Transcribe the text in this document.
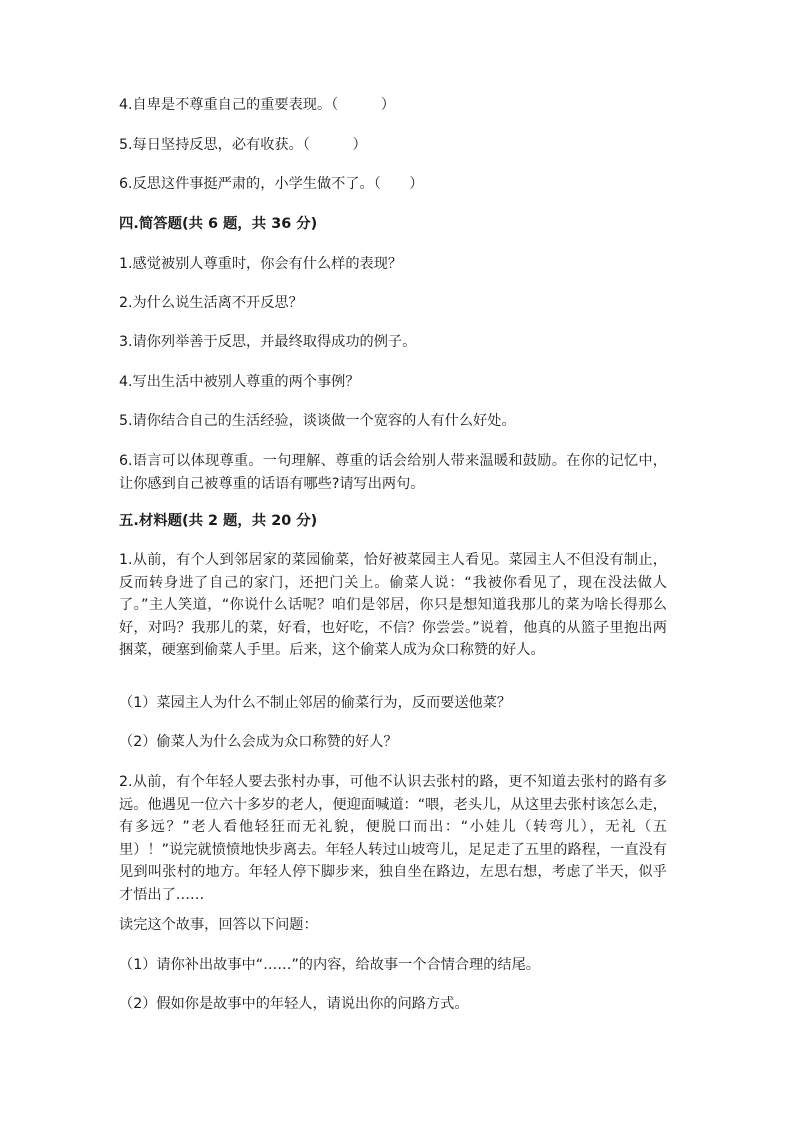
4.自卑是不尊重自己的重要表现。（　　　）
5.每日坚持反思，必有收获。（　　　）
6.反思这件事挺严肃的，小学生做不了。（　　）
四.简答题(共 6 题，共 36 分)
1.感觉被别人尊重时，你会有什么样的表现？
2.为什么说生活离不开反思？
3.请你列举善于反思，并最终取得成功的例子。
4.写出生活中被别人尊重的两个事例？
5.请你结合自己的生活经验，谈谈做一个宽容的人有什么好处。
6.语言可以体现尊重。一句理解、尊重的话会给别人带来温暖和鼓励。在你的记忆中，让你感到自己被尊重的话语有哪些?请写出两句。
五.材料题(共 2 题，共 20 分)
1.从前，有个人到邻居家的菜园偷菜，恰好被菜园主人看见。菜园主人不但没有制止，反而转身进了自己的家门，还把门关上。偷菜人说：“我被你看见了，现在没法做人了。”主人笑道，“你说什么话呢？咱们是邻居，你只是想知道我那儿的菜为啥长得那么好，对吗？我那儿的菜，好看，也好吃，不信？你尝尝。”说着，他真的从篮子里抱出两捆菜，硬塞到偷菜人手里。后来，这个偷菜人成为众口称赞的好人。
（1）菜园主人为什么不制止邻居的偷菜行为，反而要送他菜？
（2）偷菜人为什么会成为众口称赞的好人？
2.从前，有个年轻人要去张村办事，可他不认识去张村的路，更不知道去张村的路有多远。他遇见一位六十多岁的老人，便迎面喊道：“喂，老头儿，从这里去张村该怎么走，有多远？”老人看他轻狂而无礼貌，便脱口而出：“小娃儿（转弯儿），无礼（五里）！”说完就愤愤地快步离去。年轻人转过山坡弯儿，足足走了五里的路程，一直没有见到叫张村的地方。年轻人停下脚步来，独自坐在路边，左思右想，考虑了半天，似乎才悟出了……
读完这个故事，回答以下问题：
（1）请你补出故事中“……”的内容，给故事一个合情合理的结尾。
（2）假如你是故事中的年轻人，请说出你的问路方式。
